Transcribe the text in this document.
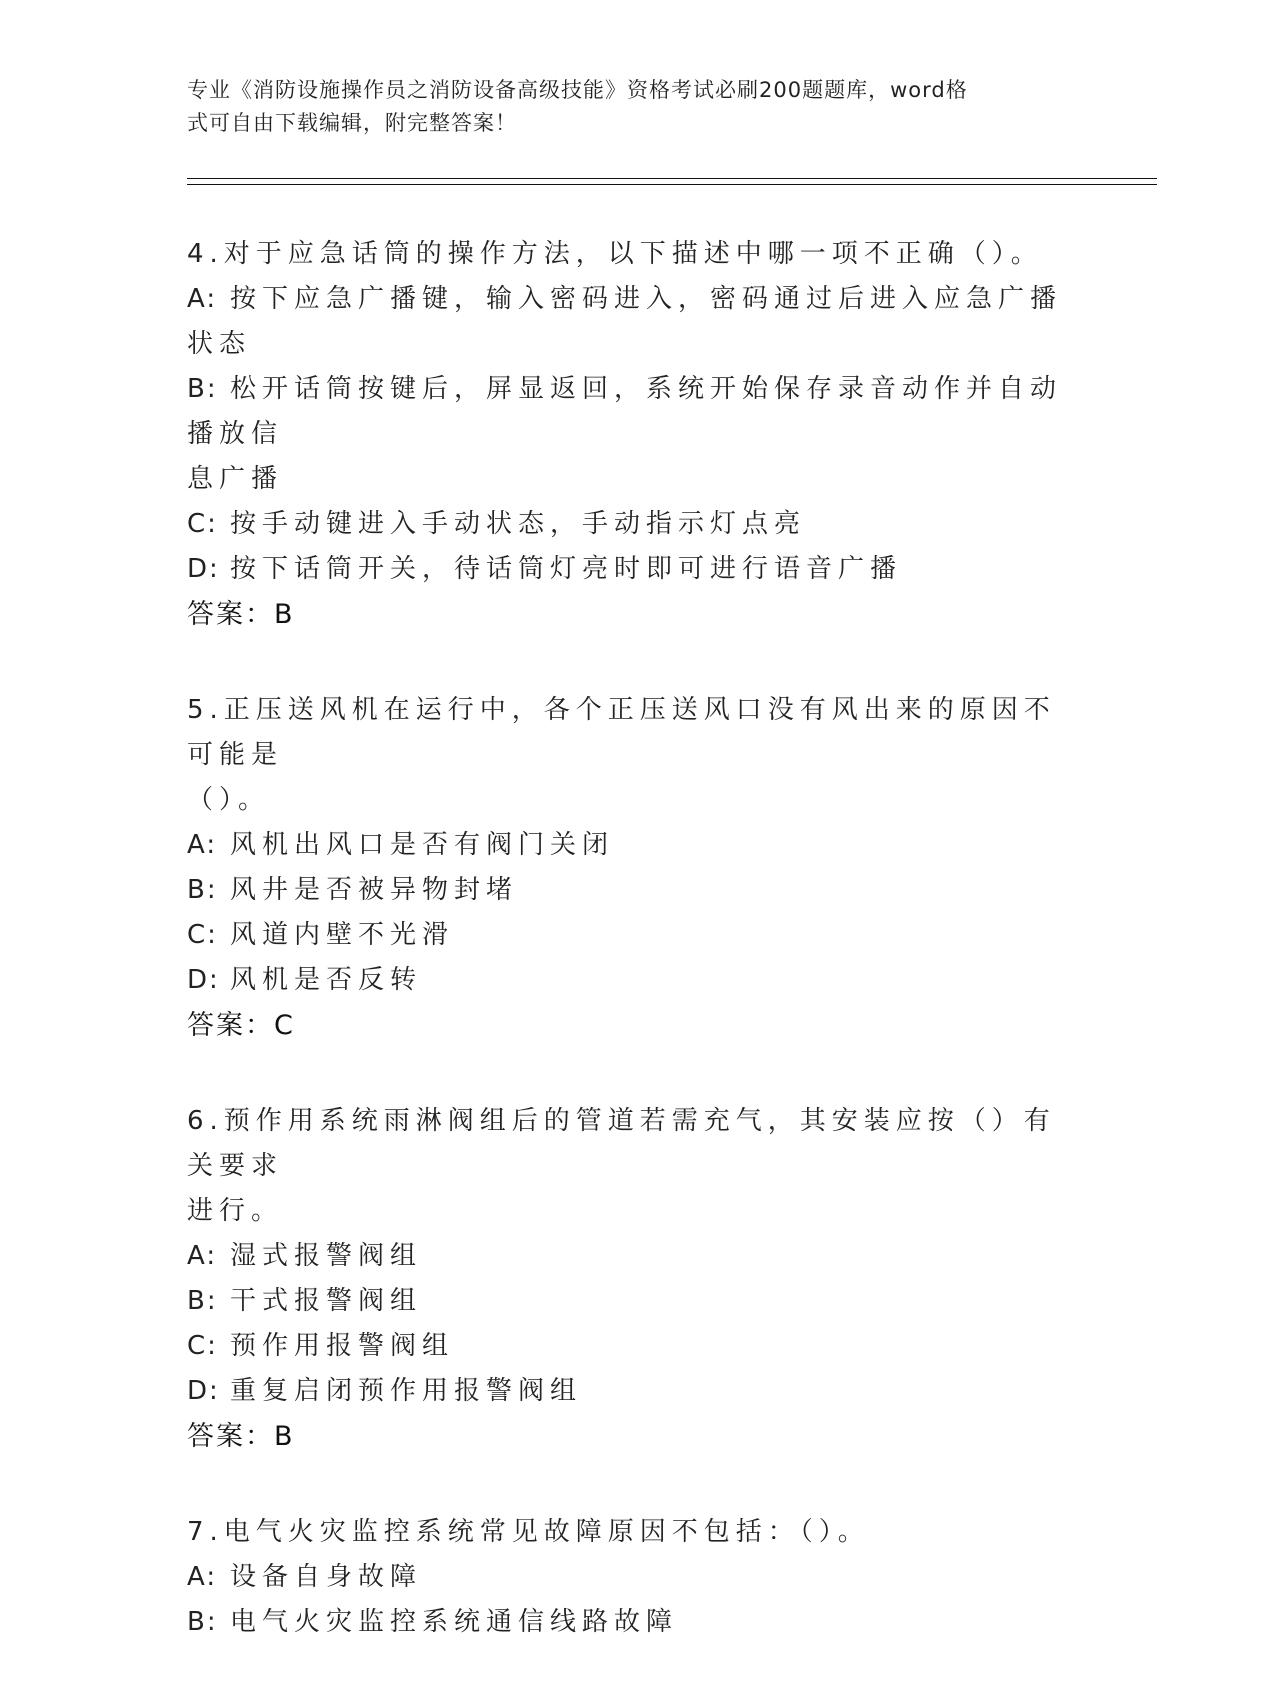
专业《消防设施操作员之消防设备高级技能》资格考试必刷200题题库，word格
式可自由下载编辑，附完整答案！

4.对于应急话筒的操作方法，以下描述中哪一项不正确（）。

A: 按下应急广播键，输入密码进入，密码通过后进入应急广播状态

B: 松开话筒按键后，屏显返回，系统开始保存录音动作并自动播放信

息广播

C: 按手动键进入手动状态，手动指示灯点亮

D: 按下话筒开关，待话筒灯亮时即可进行语音广播

答案：B

5.正压送风机在运行中，各个正压送风口没有风出来的原因不可能是

（）。

A: 风机出风口是否有阀门关闭

B: 风井是否被异物封堵

C: 风道内壁不光滑

D: 风机是否反转

答案：C

6.预作用系统雨淋阀组后的管道若需充气，其安装应按（）有关要求

进行。

A: 湿式报警阀组

B: 干式报警阀组

C: 预作用报警阀组

D: 重复启闭预作用报警阀组

答案：B

7.电气火灾监控系统常见故障原因不包括：（）。

A: 设备自身故障

B: 电气火灾监控系统通信线路故障
